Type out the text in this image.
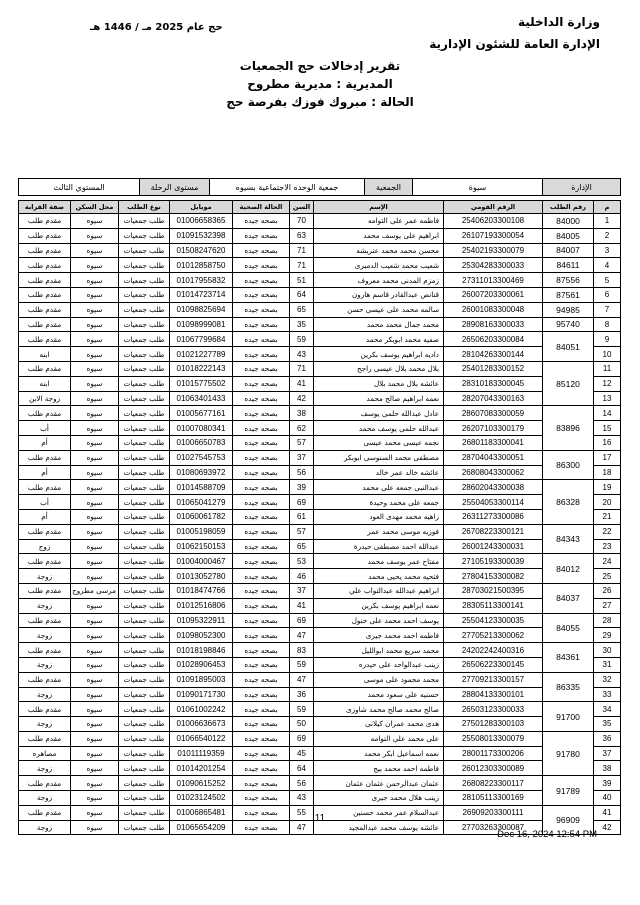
وزارة الداخلية
الإدارة العامة للشئون الإدارية
حج عام 2025 مـ / 1446 هـ
تقرير إدخالات حج الجمعيات
المديرية : مديرية مطروح
الحالة : مبروك فوزك بفرصة حج
الإدارة	سيوة	الجمعية	جمعية الوحده الاجتماعية بسيوه	مستوى الرحلة	المستوي الثالث
م	رقم الطلب	الرقم القومي	الإسم	السن	الحالة الصحية	موبايل	نوع الطلب	محل السكن	صفة القرابة
1	84000	25406203300108	فاطمه عمر على التوامه	70	بصحه جيده	01006658365	طلب جمعيات	سيوه	مقدم طلب
2	84005	26107193300054	ابراهيم على يوسف محمد	63	بصحه جيده	01091532398	طلب جمعيات	سيوه	مقدم طلب
3	84007	25402193300079	محسن محمد محمد عتريشه	71	بصحه جيده	01508247620	طلب جمعيات	سيوه	مقدم طلب
4	84611	25304283300033	شعيب محمد شعيب الدميرى	71	بصحه جيده	01012858750	طلب جمعيات	سيوه	مقدم طلب
5	87556	27311013300469	زمزم المدنى محمد معروف	51	بصحه جيده	01017955832	طلب جمعيات	سيوه	مقدم طلب
6	87561	26007203300061	قنانص عبدالقادر قاسم هارون	64	بصحه جيده	01014723714	طلب جمعيات	سيوه	مقدم طلب
7	94985	26001083300048	سالمه محمد على عيسى حسن	65	بصحه جيده	01098825694	طلب جمعيات	سيوه	مقدم طلب
8	95740	28908163300033	محمد جمال محمد محمد	35	بصحه جيده	01098999081	طلب جمعيات	سيوه	مقدم طلب
9	84051	26506203300084	صفيه محمد ابوبكر محمد	59	بصحه جيده	01067799684	طلب جمعيات	سيوه	مقدم طلب
10		28104263300144	داديه ابراهيم يوسف بكرين	43	بصحه جيده	01021227789	طلب جمعيات	سيوه	ابنه
11	85120	25401283300152	بلال محمد بلال عيسى راجح	71	بصحه جيده	01018222143	طلب جمعيات	سيوه	مقدم طلب
12		28310183300045	عائشه بلال محمد بلال	41	بصحه جيده	01015775502	طلب جمعيات	سيوه	ابنه
13		28207043300163	نعمه ابراهيم صالح محمد	42	بصحه جيده	01063401433	طلب جمعيات	سيوه	زوجة الابن
14	83896	28607083300059	عادل عبدالله حلمى يوسف	38	بصحه جيده	01005677161	طلب جمعيات	سيوه	مقدم طلب
15		26207103300179	عبدالله حلمى يوسف محمد	62	بصحه جيده	01007080341	طلب جمعيات	سيوه	أب
16		26801183300041	نجمه عيسى محمد عيسى	57	بصحه جيده	01006650783	طلب جمعيات	سيوه	أم
17	86300	28704043300051	مصطفى محمد السنوسى ابوبكر	37	بصحه جيده	01027545753	طلب جمعيات	سيوه	مقدم طلب
18		26808043300062	عائشه خالد عمر خالد	56	بصحه جيده	01080693972	طلب جمعيات	سيوه	أم
19	86328	28602043300038	عبدالنبى جمعه على محمد	39	بصحه جيده	01014588709	طلب جمعيات	سيوه	مقدم طلب
20		25504053300114	جمعه على محمد وحيدة	69	بصحه جيده	01065041279	طلب جمعيات	سيوه	أب
21		26311273300086	زاهيه محمد مهدى العود	61	بصحه جيده	01060061782	طلب جمعيات	سيوه	أم
22	84343	26708223300121	فوزيه موسى محمد عمر	57	بصحه جيده	01005198059	طلب جمعيات	سيوه	مقدم طلب
23		26001243300031	عبدالله احمد مصطفى حيدرة	65	بصحه جيده	01062150153	طلب جمعيات	سيوه	زوج
24	84012	27105193300039	مفتاح عمر يوسف محمد	53	بصحه جيده	01004000467	طلب جمعيات	سيوه	مقدم طلب
25		27804153300082	فتحيه محمد يحيى محمد	46	بصحه جيده	01013052780	طلب جمعيات	سيوه	زوجة
26	84037	28703021500395	ابراهيم عبدالله عبدالتواب علي	37	بصحه جيده	01018474766	طلب جمعيات	مرسى مطروح	مقدم طلب
27		28305113300141	نعمه ابراهيم يوسف بكرين	41	بصحه جيده	01012516806	طلب جمعيات	سيوه	زوجة
28	84055	25504123300035	يوسف احمد محمد على حنول	69	بصحه جيده	01095322911	طلب جمعيات	سيوه	مقدم طلب
29		27705213300062	فاطمه احمد محمد جيرى	47	بصحه جيده	01098052300	طلب جمعيات	سيوه	زوجة
30	84361	24202242400316	محمد سريع محمد ابوالليل	83	بصحه جيده	01018198846	طلب جمعيات	سيوه	مقدم طلب
31		26506223300145	زينب عبدالواحد على حيدره	59	بصحه جيده	01028906453	طلب جمعيات	سيوه	زوجة
32	86335	27709213300157	محمد محمود على موسى	47	بصحه جيده	01091895003	طلب جمعيات	سيوه	مقدم طلب
33		28804133300101	حسنيه على سعود محمد	36	بصحه جيده	01090171730	طلب جمعيات	سيوه	زوجة
34	91700	26503123300033	صالح محمد صالح محمد شاوزى	59	بصحه جيده	01061002242	طلب جمعيات	سيوه	مقدم طلب
35		27501283300103	هدى محمد عمران كيلانى	50	بصحه جيده	01006636673	طلب جمعيات	سيوه	زوجة
36	91780	25508013300079	على محمد على التوامه	69	بصحه جيده	01066540122	طلب جمعيات	سيوه	مقدم طلب
37		28001173300206	نعمه اسماعيل ابكر محمد	45	بصحه جيده	01011119359	طلب جمعيات	سيوه	مصاهره
38		26012303300089	فاطمه احمد محمد بيج	64	بصحه جيده	01014201254	طلب جمعيات	سيوه	زوجة
39	91789	26808223300117	عثمان عبدالرحمن عثمان عثمان	56	بصحه جيده	01090615252	طلب جمعيات	سيوه	مقدم طلب
40		28105113300169	زينب هلال محمد جيرى	43	بصحه جيده	01023124502	طلب جمعيات	سيوه	زوجة
41	96909	26909203300111	عبدالسلام عمر محمد حسنين	55	بصحه جيده	01006865481	طلب جمعيات	سيوه	مقدم طلب
42		27703263300087	عائشه يوسف محمد عبدالمجيد	47	بصحه جيده	01065654209	طلب جمعيات	سيوه	زوجة
11
Dec 16, 2024 12:54 PM
